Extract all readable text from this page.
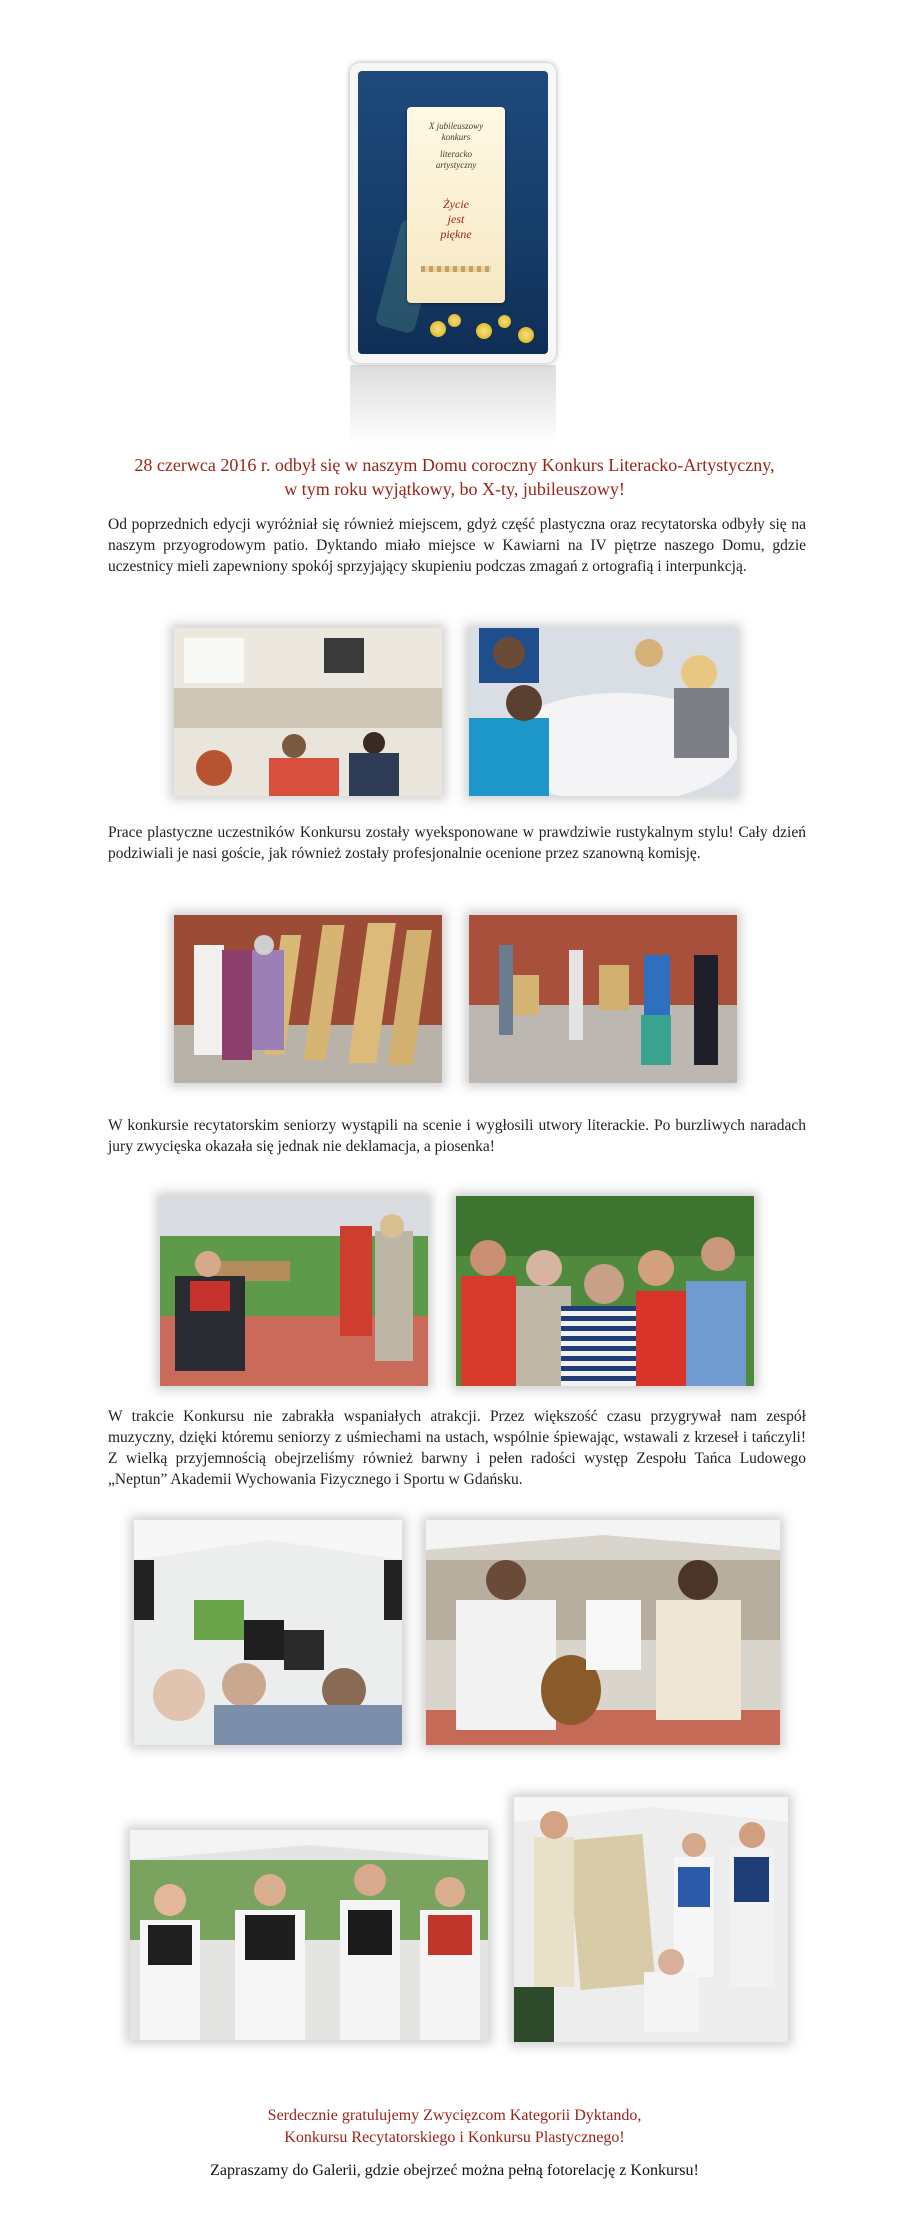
X jubileuszowy
konkurs
literacko
artystyczny
Życie
jest
piękne
28 czerwca 2016 r. odbył się w naszym Domu coroczny Konkurs Literacko-Artystyczny,
w tym roku wyjątkowy, bo X-ty, jubileuszowy!
Od poprzednich edycji wyróżniał się również miejscem, gdyż część plastyczna oraz recytatorska odbyły się na naszym przyogrodowym patio. Dyktando miało miejsce w Kawiarni na IV piętrze naszego Domu, gdzie uczestnicy mieli zapewniony spokój sprzyjający skupieniu podczas zmagań z ortografią i interpunkcją.
Prace plastyczne uczestników Konkursu zostały wyeksponowane w prawdziwie rustykalnym stylu! Cały dzień podziwiali je nasi goście, jak również zostały profesjonalnie ocenione przez szanowną komisję.
W konkursie recytatorskim seniorzy wystąpili na scenie i wygłosili utwory literackie. Po burzliwych naradach jury zwycięska okazała się jednak nie deklamacja, a piosenka!
W trakcie Konkursu nie zabrakła wspaniałych atrakcji. Przez większość czasu przygrywał nam zespół muzyczny, dzięki któremu seniorzy z uśmiechami na ustach, wspólnie śpiewając, wstawali z krzeseł i tańczyli! Z wielką przyjemnością obejrzeliśmy również barwny i pełen radości występ Zespołu Tańca Ludowego „Neptun” Akademii Wychowania Fizycznego i Sportu w Gdańsku.
Serdecznie gratulujemy Zwycięzcom Kategorii Dyktando,
Konkursu Recytatorskiego i Konkursu Plastycznego!
Zapraszamy do Galerii, gdzie obejrzeć można pełną fotorelację z Konkursu!
